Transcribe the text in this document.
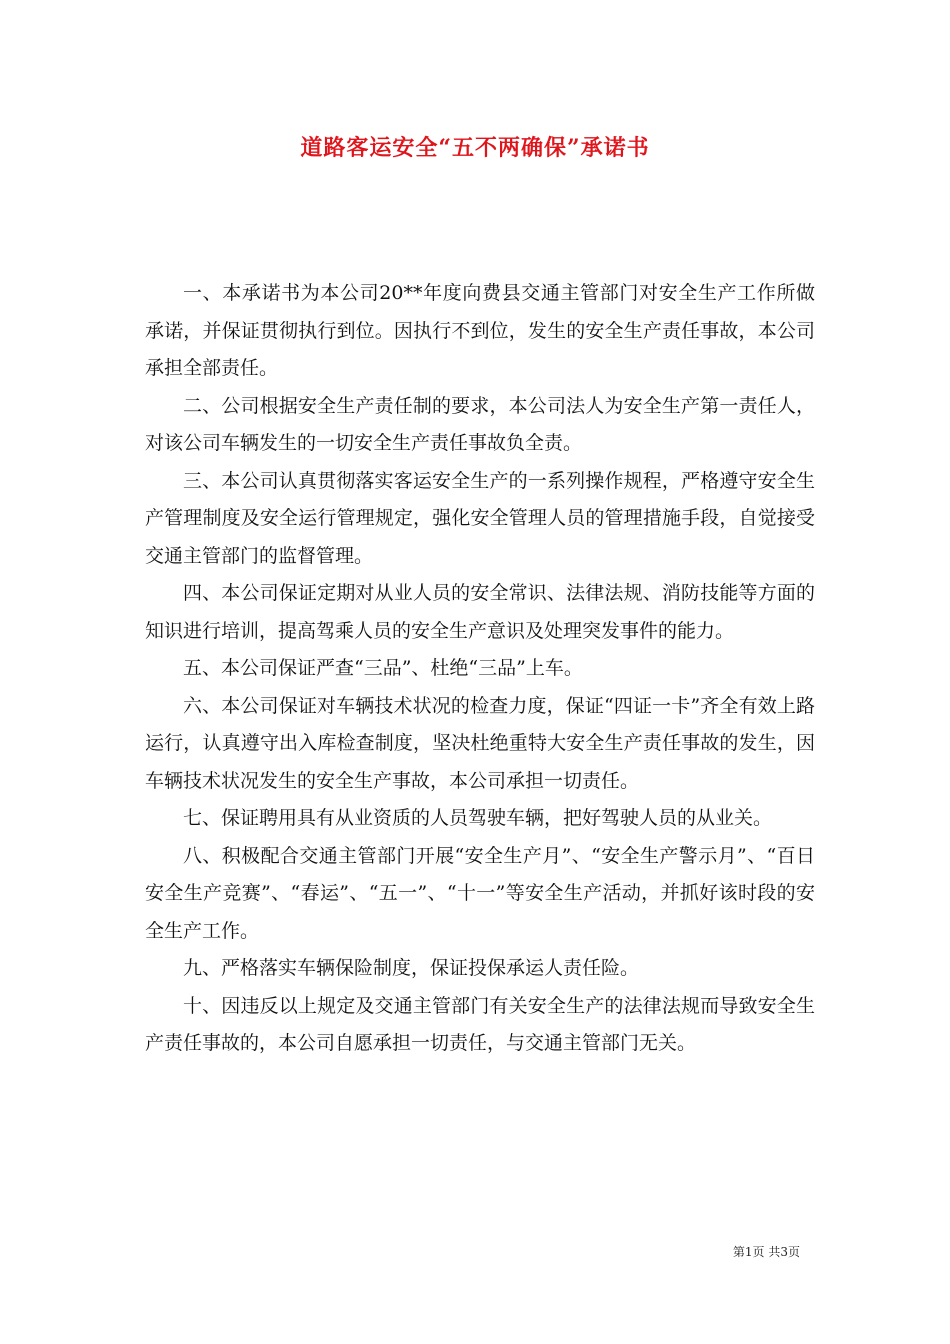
道路客运安全“五不两确保”承诺书

一、本承诺书为本公司20**年度向费县交通主管部门对安全生产工作所做承诺，并保证贯彻执行到位。因执行不到位，发生的安全生产责任事故，本公司承担全部责任。

二、公司根据安全生产责任制的要求，本公司法人为安全生产第一责任人，对该公司车辆发生的一切安全生产责任事故负全责。

三、本公司认真贯彻落实客运安全生产的一系列操作规程，严格遵守安全生产管理制度及安全运行管理规定，强化安全管理人员的管理措施手段，自觉接受交通主管部门的监督管理。

四、本公司保证定期对从业人员的安全常识、法律法规、消防技能等方面的知识进行培训，提高驾乘人员的安全生产意识及处理突发事件的能力。

五、本公司保证严查“三品”、杜绝“三品”上车。

六、本公司保证对车辆技术状况的检查力度，保证“四证一卡”齐全有效上路运行，认真遵守出入库检查制度，坚决杜绝重特大安全生产责任事故的发生，因车辆技术状况发生的安全生产事故，本公司承担一切责任。

七、保证聘用具有从业资质的人员驾驶车辆，把好驾驶人员的从业关。

八、积极配合交通主管部门开展“安全生产月”、“安全生产警示月”、“百日安全生产竞赛”、“春运”、“五一”、“十一”等安全生产活动，并抓好该时段的安全生产工作。

九、严格落实车辆保险制度，保证投保承运人责任险。

十、因违反以上规定及交通主管部门有关安全生产的法律法规而导致安全生产责任事故的，本公司自愿承担一切责任，与交通主管部门无关。

第1页 共3页
